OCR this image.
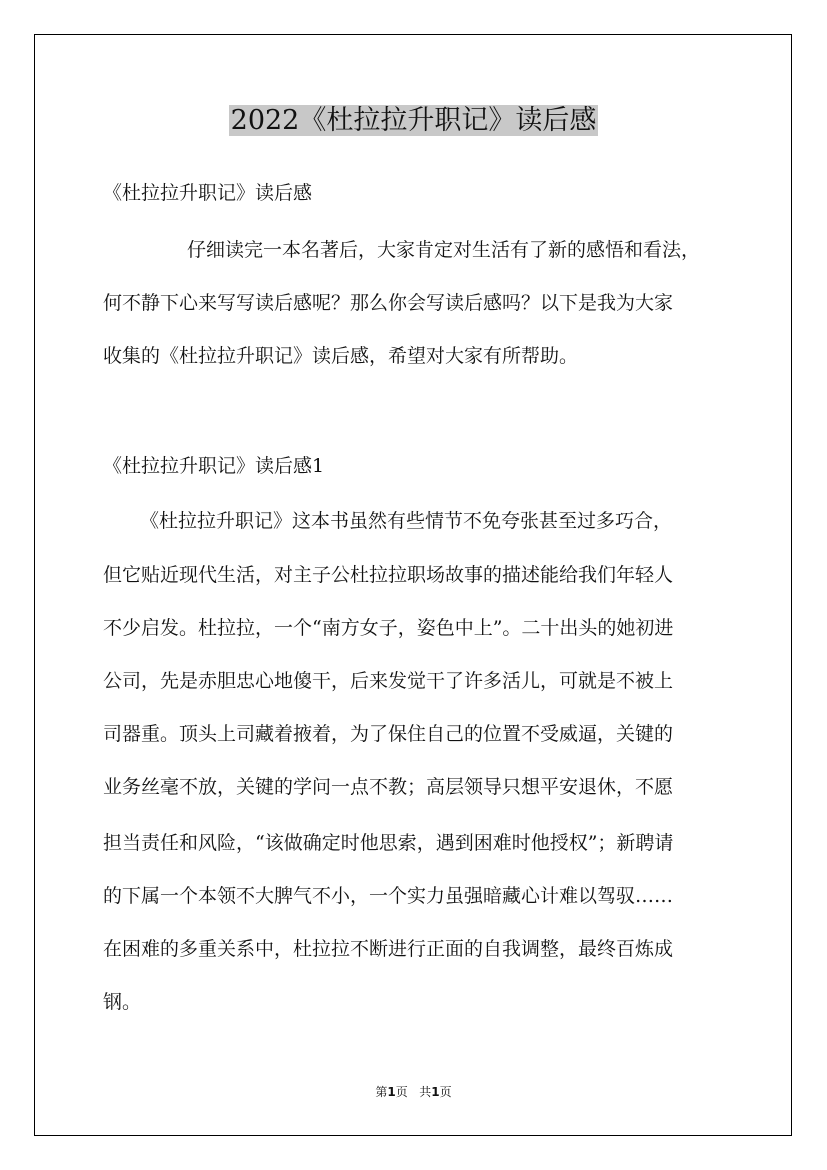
2022《杜拉拉升职记》读后感
《杜拉拉升职记》读后感
仔细读完一本名著后，大家肯定对生活有了新的感悟和看法，
何不静下心来写写读后感呢？那么你会写读后感吗？以下是我为大家
收集的《杜拉拉升职记》读后感，希望对大家有所帮助。
《杜拉拉升职记》读后感1
《杜拉拉升职记》这本书虽然有些情节不免夸张甚至过多巧合，
但它贴近现代生活，对主子公杜拉拉职场故事的描述能给我们年轻人
不少启发。杜拉拉，一个“南方女子，姿色中上”。二十出头的她初进
公司，先是赤胆忠心地傻干，后来发觉干了许多活儿，可就是不被上
司器重。顶头上司藏着掖着，为了保住自己的位置不受威逼，关键的
业务丝毫不放，关键的学问一点不教；高层领导只想平安退休，不愿
担当责任和风险，“该做确定时他思索，遇到困难时他授权”；新聘请
的下属一个本领不大脾气不小，一个实力虽强暗藏心计难以驾驭……
在困难的多重关系中，杜拉拉不断进行正面的自我调整，最终百炼成
钢。
第1页 共1页
